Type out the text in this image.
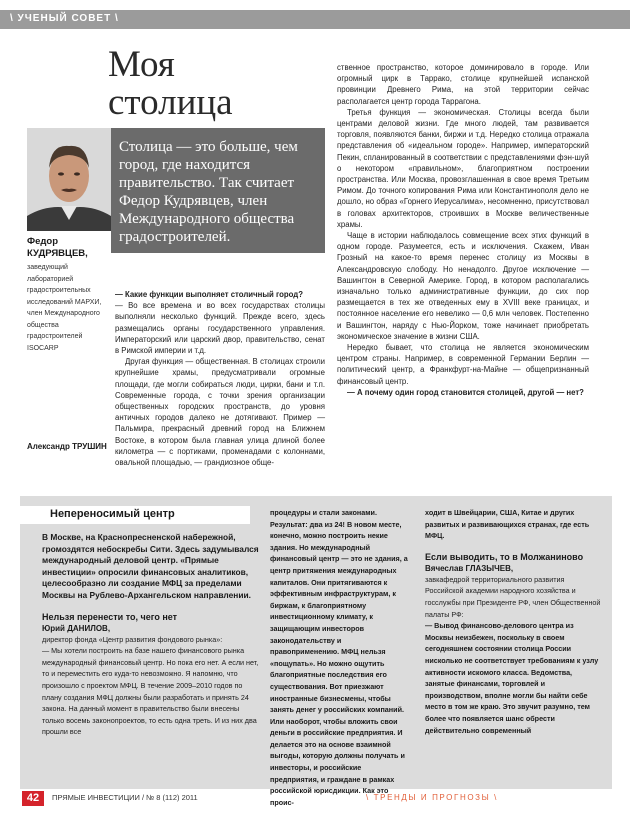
\ УЧЕНЫЙ СОВЕТ \
Моя
столица

Столица — это больше, чем город, где находится правительство. Так считает Федор Кудрявцев, член Международного общества градостроителей.

Федор КУДРЯВЦЕВ,
заведующий лабораторией градостроительных исследований МАРХИ, член Международного общества градостроителей ISOCARP
Александр ТРУШИН

— Какие функции выполняет столичный город?

— Во все времена и во всех государствах столицы выполняли несколько функций. Прежде всего, здесь размещались органы государственного управления. Императорский или царский двор, правительство, сенат в Римской империи и т.д.

Другая функция — общественная. В столицах строили крупнейшие храмы, предусматривали огромные площади, где могли собираться люди, цирки, бани и т.п. Современные города, с точки зрения организации общественных городских пространств, до уровня античных городов далеко не дотягивают. Пример — Пальмира, прекрасный древний город на Ближнем Востоке, в котором была главная улица длиной более километра — с портиками, променадами с колоннами, овальной площадью, — грандиозное обще-

ственное пространство, которое доминировало в городе. Или огромный цирк в Таррако, столице крупнейшей испанской провинции Древнего Рима, на этой территории сейчас располагается центр города Таррагона.

Третья функция — экономическая. Столицы всегда были центрами деловой жизни. Где много людей, там развивается торговля, появляются банки, биржи и т.д. Нередко столица отражала представления об «идеальном городе». Например, императорский Пекин, спланированный в соответствии с представлениями фэн-шуй о некотором «правильном», благоприятном построении пространства. Или Москва, провозглашенная в свое время Третьим Римом. До точного копирования Рима или Константинополя дело не дошло, но образ «Горнего Иерусалима», несомненно, присутствовал в головах архитекторов, строивших в Москве величественные храмы.

Чаще в истории наблюдалось совмещение всех этих функций в одном городе. Разумеется, есть и исключения. Скажем, Иван Грозный на какое-то время перенес столицу из Москвы в Александровскую слободу. Но ненадолго. Другое исключение — Вашингтон в Северной Америке. Город, в котором располагались изначально только административные функции, до сих пор размещается в тех же отведенных ему в XVIII веке границах, и постоянное население его невелико — 0,6 млн человек. Постепенно и Вашингтон, наряду с Нью-Йорком, тоже начинает приобретать экономическое значение в жизни США.

Нередко бывает, что столица не является экономическим центром страны. Например, в современной Германии Берлин — политический центр, а Франкфурт-на-Майне — общепризнанный финансовый центр.

— А почему один город становится столицей, другой — нет?

Непереносимый центр

В Москве, на Краснопресненской набережной, громоздятся небоскребы Сити. Здесь задумывался международный деловой центр. «Прямые инвестиции» опросили финансовых аналитиков, целесообразно ли создание МФЦ за пределами Москвы на Рублево-Архангельском направлении.

Нельзя перенести то, чего нет

Юрий ДАНИЛОВ,

директор фонда «Центр развития фондового рынка»:

— Мы хотели построить на базе нашего финансового рынка международный финансовый центр. Но пока его нет. А если нет, то и переместить его куда-то невозможно. Я напомню, что произошло с проектом МФЦ. В течение 2009–2010 годов по плану создания МФЦ должны были разработать и принять 24 закона. На данный момент в правительство были внесены только восемь законопроектов, то есть одна треть. И из них два прошли все

процедуры и стали законами. Результат: два из 24! В новом месте, конечно, можно построить некие здания. Но международный финансовый центр — это не здания, а центр притяжения международных капиталов. Они притягиваются к эффективным инфраструктурам, к биржам, к благоприятному инвестиционному климату, к защищающим инвесторов законодательству и правоприменению. МФЦ нельзя «пощупать». Но можно ощутить благоприятные последствия его существования. Вот приезжают иностранные бизнесмены, чтобы занять денег у российских компаний. Или наоборот, чтобы вложить свои деньги в российские предприятия. И делается это на основе взаимной выгоды, которую должны получать и инвесторы, и российские предприятия, и граждане в рамках российской юрисдикции. Как это проис-

ходит в Швейцарии, США, Китае и других развитых и развивающихся странах, где есть МФЦ.

Если выводить, то в Молжаниново

Вячеслав ГЛАЗЫЧЕВ,

завкафедрой территориального развития Российской академии народного хозяйства и госслужбы при Президенте РФ, член Общественной палаты РФ:

— Вывод финансово-делового центра из Москвы неизбежен, поскольку в своем сегодняшнем состоянии столица России нисколько не соответствует требованиям к узлу активности искомого класса. Ведомства, занятые финансами, торговлей и производством, вполне могли бы найти себе место в том же краю. Это звучит разумно, тем более что появляется шанс обрести действительно современный

42	ПРЯМЫЕ ИНВЕСТИЦИИ / № 8 (112) 2011	\ ТРЕНДЫ И ПРОГНОЗЫ \
